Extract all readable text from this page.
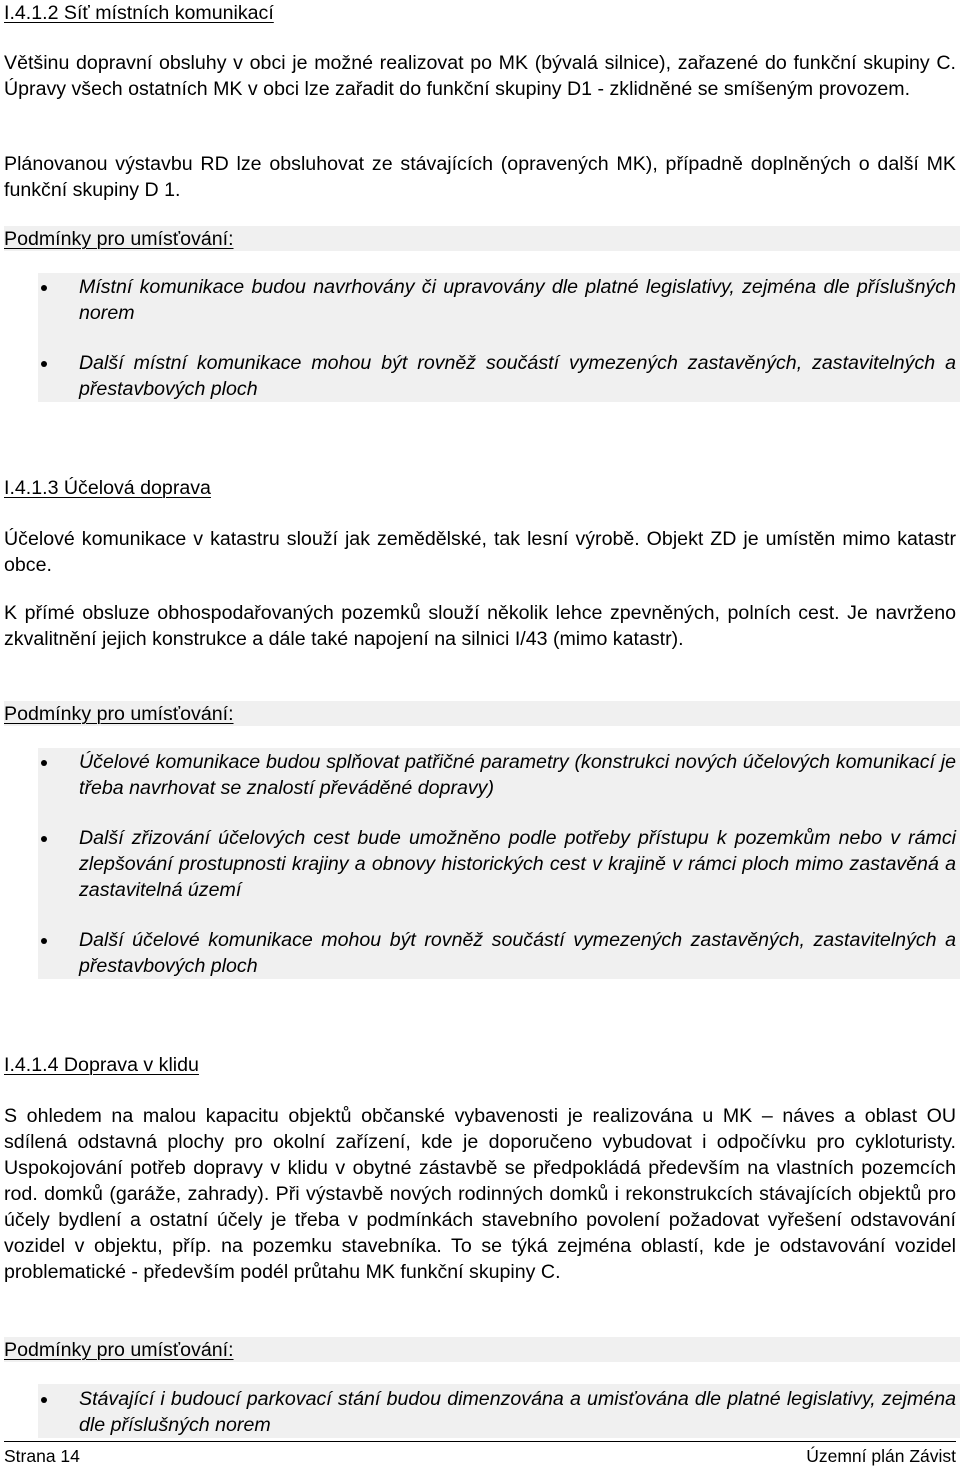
I.4.1.2 Síť místních komunikací

Většinu dopravní obsluhy v obci je možné realizovat po MK (bývalá silnice), zařazené do funkční skupiny C. Úpravy všech ostatních MK v obci lze zařadit do funkční skupiny D1 - zklidněné se smíšeným provozem.

Plánovanou výstavbu RD lze obsluhovat ze stávajících (opravených MK), případně doplněných o další MK funkční skupiny D 1.

Podmínky pro umísťování:
Místní komunikace budou navrhovány či upravovány dle platné legislativy, zejména dle příslušných norem
Další místní komunikace mohou být rovněž součástí vymezených zastavěných, zastavitelných a přestavbových ploch
I.4.1.3 Účelová doprava

Účelové komunikace v katastru slouží jak zemědělské, tak lesní výrobě. Objekt ZD je umístěn mimo katastr obce.

K přímé obsluze obhospodařovaných pozemků slouží několik lehce zpevněných, polních cest. Je navrženo zkvalitnění jejich konstrukce a dále také napojení na silnici I/43 (mimo katastr).

Podmínky pro umísťování:
Účelové komunikace budou splňovat patřičné parametry (konstrukci nových účelových komunikací je třeba navrhovat se znalostí převáděné dopravy)
Další zřizování účelových cest bude umožněno podle potřeby přístupu k pozemkům nebo v rámci zlepšování prostupnosti krajiny a obnovy historických cest v krajině v rámci ploch mimo zastavěná a zastavitelná území
Další účelové komunikace mohou být rovněž součástí vymezených zastavěných, zastavitelných a přestavbových ploch
I.4.1.4 Doprava v klidu

S ohledem na malou kapacitu objektů občanské vybavenosti je realizována u MK – náves a oblast OU sdílená odstavná plochy pro okolní zařízení, kde je doporučeno vybudovat i odpočívku pro cykloturisty. Uspokojování potřeb dopravy v klidu v obytné zástavbě se předpokládá především na vlastních pozemcích rod. domků (garáže, zahrady). Při výstavbě nových rodinných domků i rekonstrukcích stávajících objektů pro účely bydlení a ostatní účely je třeba v podmínkách stavebního povolení požadovat vyřešení odstavování vozidel v objektu, příp. na pozemku stavebníka. To se týká zejména oblastí, kde je odstavování vozidel problematické - především podél průtahu MK funkční skupiny C.

Podmínky pro umísťování:
Stávající i budoucí parkovací stání budou dimenzována a umisťována dle platné legislativy, zejména dle příslušných norem
Strana 14	Územní plán Závist
